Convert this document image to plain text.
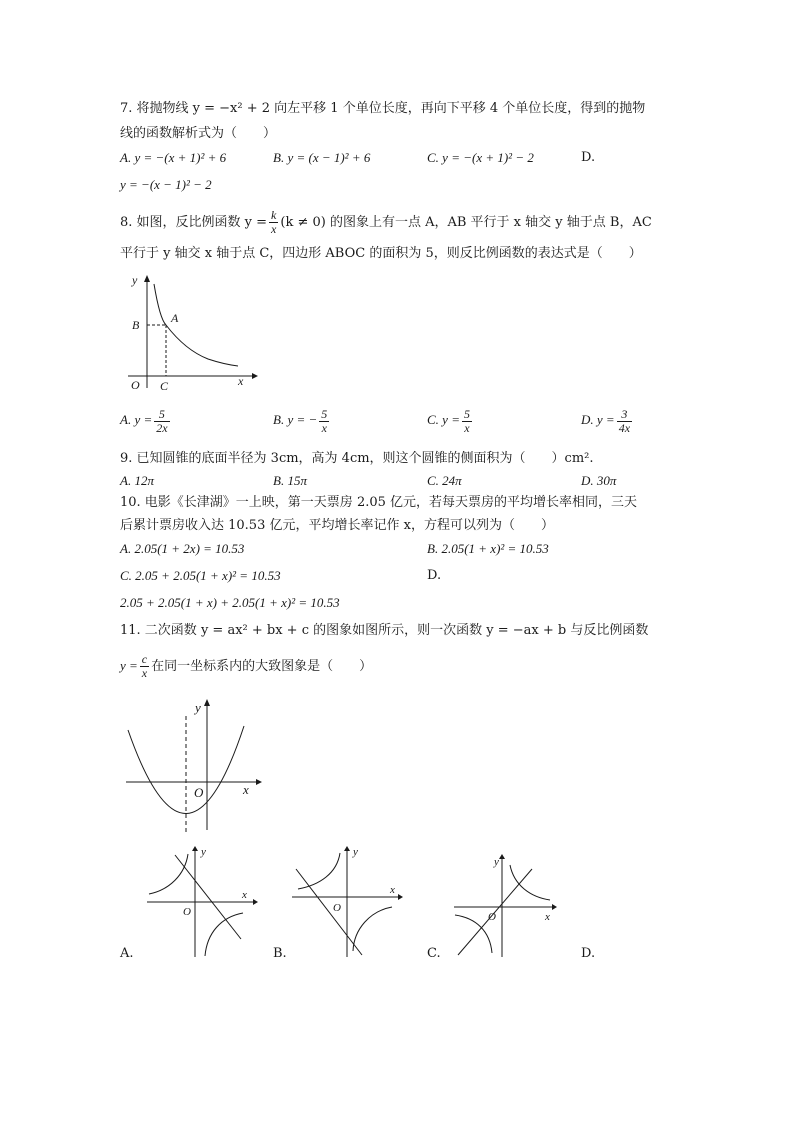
7. 将抛物线 y = −x² + 2 向左平移 1 个单位长度，再向下平移 4 个单位长度，得到的抛物
线的函数解析式为（　　）
A. y = −(x + 1)² + 6	B. y = (x − 1)² + 6	C. y = −(x + 1)² − 2	D.
y = −(x − 1)² − 2
8. 如图，反比例函数 $y = \frac{k}{x} (k \ne 0)$ 的图象上有一点 A，AB 平行于 x 轴交 y 轴于点 B，AC
平行于 y 轴交 x 轴于点 C，四边形 ABOC 的面积为 5，则反比例函数的表达式是（　　）
y
B	A
O C	x
A. $y = \frac{5}{2x}$	B. y = − $\frac{5}{x}$	C. $y = \frac{5}{x}$	D. $y = \frac{3}{4x}$
9. 已知圆锥的底面半径为 3cm，高为 4cm，则这个圆锥的侧面积为（　　）cm².
A. 12π	B. 15π	C. 24π	D. 30π
10. 电影《长津湖》一上映，第一天票房 2.05 亿元，若每天票房的平均增长率相同，三天
后累计票房收入达 10.53 亿元，平均增长率记作 x，方程可以列为（　　）
A. 2.05(1 + 2x) = 10.53	B. 2.05(1 + x)² = 10.53
C. 2.05 + 2.05(1 + x)² = 10.53	D.
2.05 + 2.05(1 + x) + 2.05(1 + x)² = 10.53
11. 二次函数 y = ax² + bx + c 的图象如图所示，则一次函数 y = −ax + b 与反比例函数
$y = \frac{c}{x}$ 在同一坐标系内的大致图象是（　　）
y
O	x
y
x
O
A.
y
x
O
B.
y
x
O
C.	D.
